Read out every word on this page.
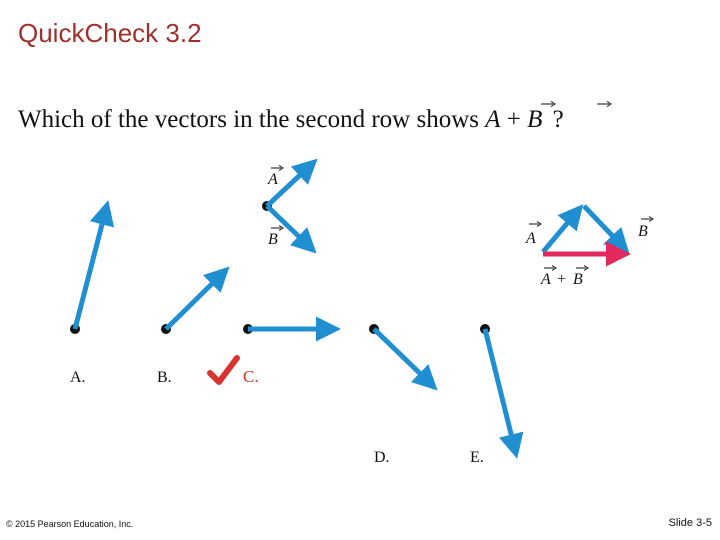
QuickCheck 3.2
Which of the vectors in the second row shows A + B ?
A
B	A	B
A + B
A.	B.	C.
D.	E.
© 2015 Pearson Education, Inc.	Slide 3-5
